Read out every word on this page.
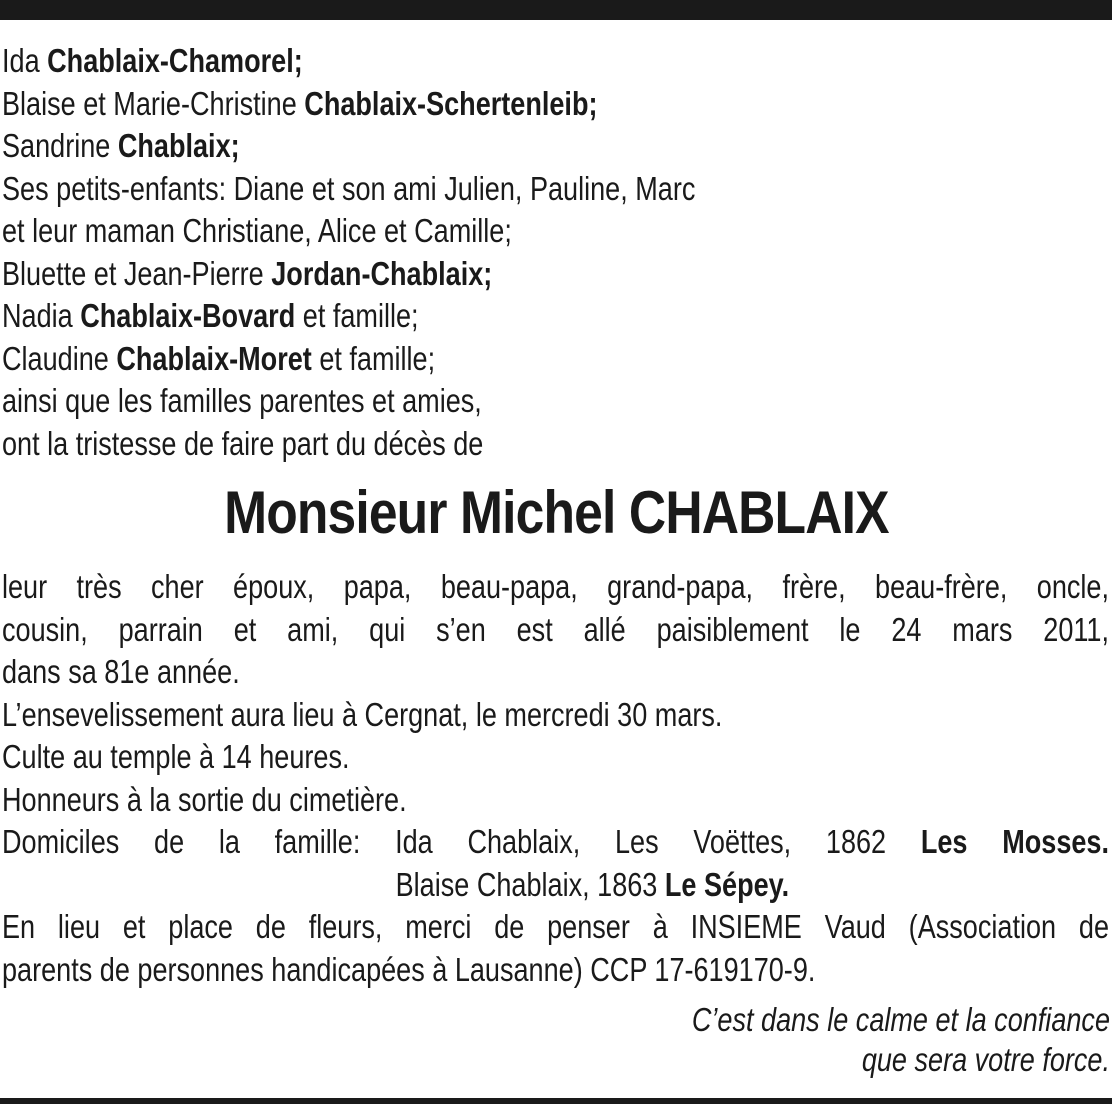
Ida Chablaix-Chamorel;
Blaise et Marie-Christine Chablaix-Schertenleib;
Sandrine Chablaix;
Ses petits-enfants: Diane et son ami Julien, Pauline, Marc
et leur maman Christiane, Alice et Camille;
Bluette et Jean-Pierre Jordan-Chablaix;
Nadia Chablaix-Bovard et famille;
Claudine Chablaix-Moret et famille;
ainsi que les familles parentes et amies,
ont la tristesse de faire part du décès de
Monsieur Michel CHABLAIX
leur très cher époux, papa, beau-papa, grand-papa, frère, beau-frère, oncle,
cousin, parrain et ami, qui s’en est allé paisiblement le 24 mars 2011,
dans sa 81e année.
L’ensevelissement aura lieu à Cergnat, le mercredi 30 mars.
Culte au temple à 14 heures.
Honneurs à la sortie du cimetière.
Domiciles de la famille: Ida Chablaix, Les Voëttes, 1862 Les Mosses.
Blaise Chablaix, 1863 Le Sépey.
En lieu et place de fleurs, merci de penser à INSIEME Vaud (Association de
parents de personnes handicapées à Lausanne) CCP 17-619170-9.
C’est dans le calme et la confiance
que sera votre force.
